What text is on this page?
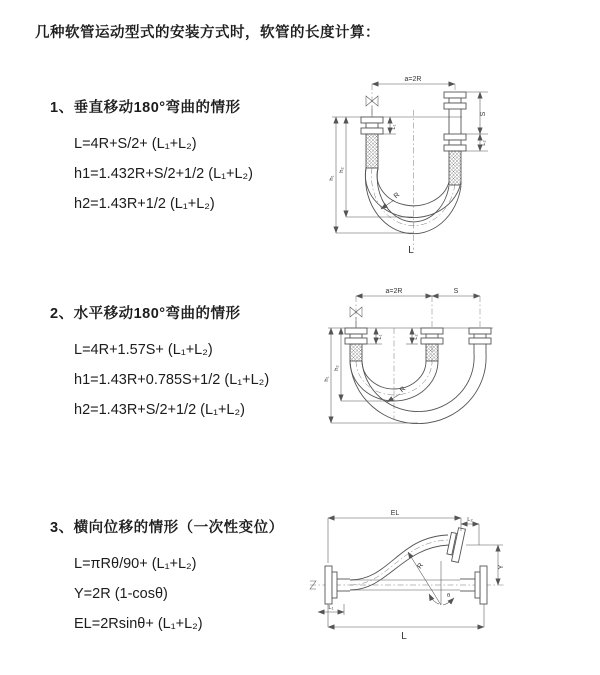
几种软管运动型式的安装方式时，软管的长度计算：
1、垂直移动180°弯曲的情形
L=4R+S/2+ (L₁+L₂)
h1=1.432R+S/2+1/2 (L₁+L₂)
h2=1.43R+1/2 (L₁+L₂)
2、水平移动180°弯曲的情形
L=4R+1.57S+ (L₁+L₂)
h1=1.43R+0.785S+1/2 (L₁+L₂)
h2=1.43R+S/2+1/2 (L₁+L₂)
3、横向位移的情形（一次性变位）
L=πRθ/90+ (L₁+L₂)
Y=2R (1-cosθ)
EL=2Rsinθ+ (L₁+L₂)
a=2R
h₁
h₂
L₁
S
L₂
R
L
a=2R	S
h₁
h₂
L₁	L₂
R
EL
L₂
Y
R
θ
L
L₁
